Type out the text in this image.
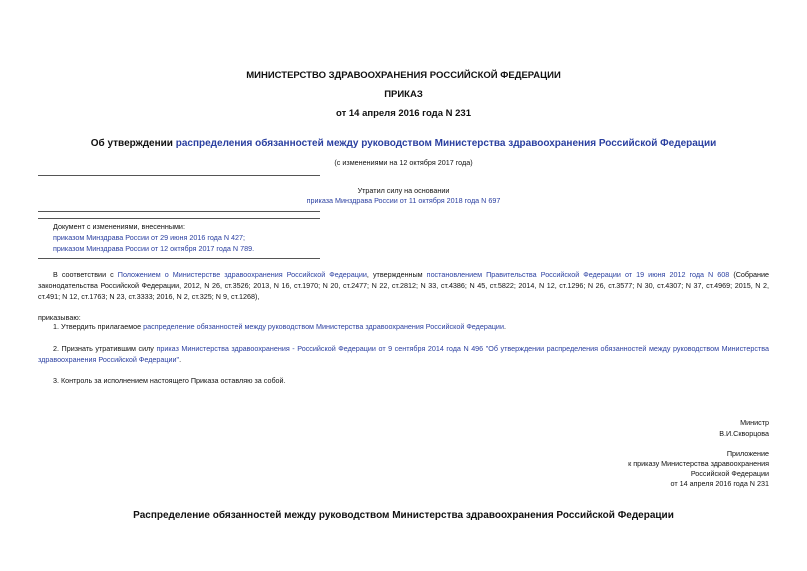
МИНИСТЕРСТВО ЗДРАВООХРАНЕНИЯ РОССИЙСКОЙ ФЕДЕРАЦИИ
ПРИКАЗ
от 14 апреля 2016 года N 231
Об утверждении распределения обязанностей между руководством Министерства здравоохранения Российской Федерации
(с изменениями на 12 октября 2017 года)
Утратил силу на основании
приказа Минздрава России от 11 октября 2018 года N 697
Документ с изменениями, внесенными:
приказом Минздрава России от 29 июня 2016 года N 427;
приказом Минздрава России от 12 октября 2017 года N 789.
В соответствии с Положением о Министерстве здравоохранения Российской Федерации, утвержденным постановлением Правительства Российской Федерации от 19 июня 2012 года N 608 (Собрание законодательства Российской Федерации, 2012, N 26, ст.3526; 2013, N 16, ст.1970; N 20, ст.2477; N 22, ст.2812; N 33, ст.4386; N 45, ст.5822; 2014, N 12, ст.1296; N 26, ст.3577; N 30, ст.4307; N 37, ст.4969; 2015, N 2, ст.491; N 12, ст.1763; N 23, ст.3333; 2016, N 2, ст.325; N 9, ст.1268),
приказываю:
1. Утвердить прилагаемое распределение обязанностей между руководством Министерства здравоохранения Российской Федерации.
2. Признать утратившим силу приказ Министерства здравоохранения - Российской Федерации от 9 сентября 2014 года N 496 "Об утверждении распределения обязанностей между руководством Министерства здравоохранения Российской Федерации".
3. Контроль за исполнением настоящего Приказа оставляю за собой.
Министр
В.И.Скворцова
Приложение
к приказу Министерства здравоохранения
Российской Федерации
от 14 апреля 2016 года N 231
Распределение обязанностей между руководством Министерства здравоохранения Российской Федерации
